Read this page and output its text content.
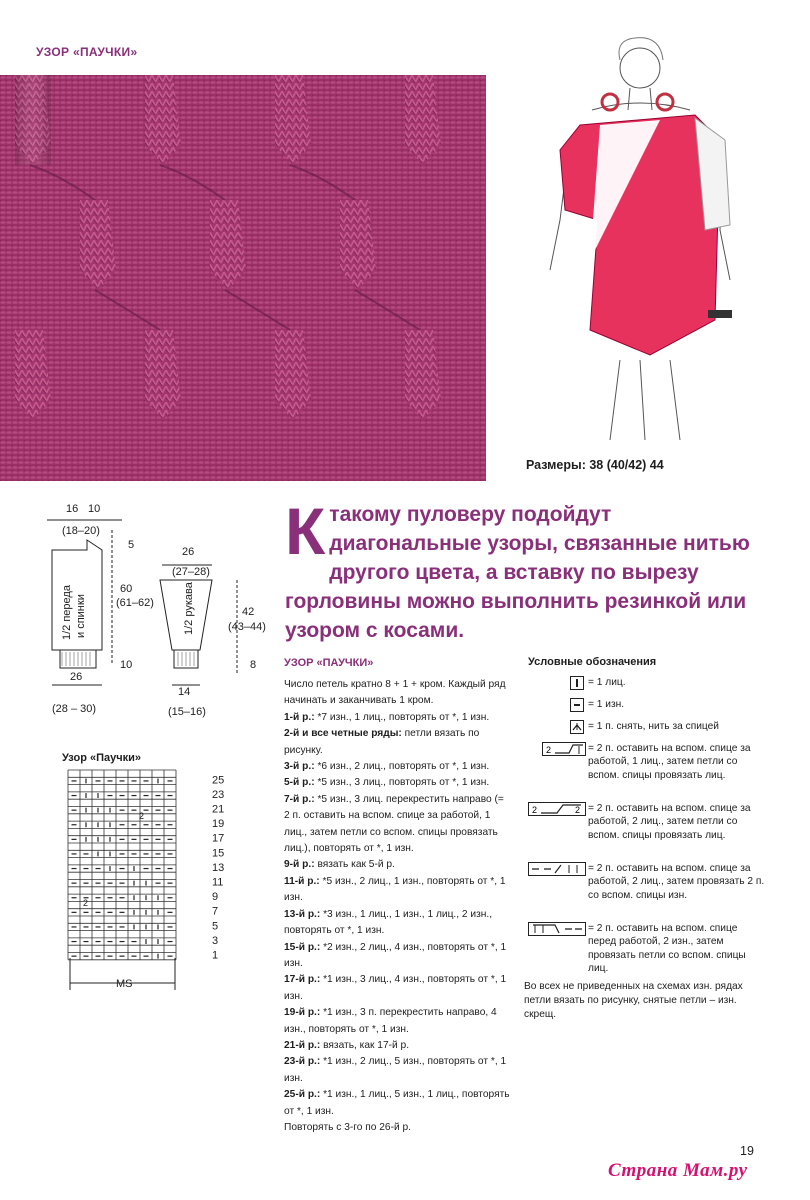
УЗОР «ПАУЧКИ»
Размеры: 38 (40/42) 44
К такому пуловеру подойдут диагональные узоры, связанные нитью другого цвета, а вставку по вырезу горловины можно выполнить резинкой или узором с косами.
16
(18–20)
10
5
60
(61–62)
10
26
(28 – 30)
1/2 переда и спинки
26
(27–28)
42
(43–44)
8
14
(15–16)
1/2 рукава
Узор «Паучки»
25
23
21
19
17
15
13
11
9
7
5
3
1
MS
2
2
УЗОР «ПАУЧКИ»

Число петель кратно 8 + 1 + кром. Каждый ряд начинать и заканчивать 1 кром.

1-й р.: *7 изн., 1 лиц., повторять от *, 1 изн.

2-й и все четные ряды: петли вязать по рисунку.

3-й р.: *6 изн., 2 лиц., повторять от *, 1 изн.

5-й р.: *5 изн., 3 лиц., повторять от *, 1 изн.

7-й р.: *5 изн., 3 лиц. перекрестить направо (= 2 п. оставить на вспом. спице за работой, 1 лиц., затем петли со вспом. спицы провязать лиц.), повторять от *, 1 изн.

9-й р.: вязать как 5-й р.

11-й р.: *5 изн., 2 лиц., 1 изн., повторять от *, 1 изн.

13-й р.: *3 изн., 1 лиц., 1 изн., 1 лиц., 2 изн., повторять от *, 1 изн.

15-й р.: *2 изн., 2 лиц., 4 изн., повторять от *, 1 изн.

17-й р.: *1 изн., 3 лиц., 4 изн., повторять от *, 1 изн.

19-й р.: *1 изн., 3 п. перекрестить направо, 4 изн., повторять от *, 1 изн.

21-й р.: вязать, как 17-й р.

23-й р.: *1 изн., 2 лиц., 5 изн., повторять от *, 1 изн.

25-й р.: *1 изн., 1 лиц., 5 изн., 1 лиц., повторять от *, 1 изн.

Повторять с 3-го по 26-й р.

Условные обозначения
= 1 лиц.
= 1 изн.
= 1 п. снять, нить за спицей
2	= 2 п. оставить на вспом. спице за работой, 1 лиц., затем петли со вспом. спицы провязать лиц.
2	2 = 2 п. оставить на вспом. спице за работой, 2 лиц., затем петли со вспом. спицы провязать лиц.
= 2 п. оставить на вспом. спице за работой, 2 лиц., затем провязать 2 п. со вспом. спицы изн.
= 2 п. оставить на вспом. спице перед работой, 2 изн., затем провязать петли со вспом. спицы лиц.
Во всех не приведенных на схемах изн. рядах петли вязать по рисунку, снятые петли – изн. скрещ.
19
Страна Мам.ру
